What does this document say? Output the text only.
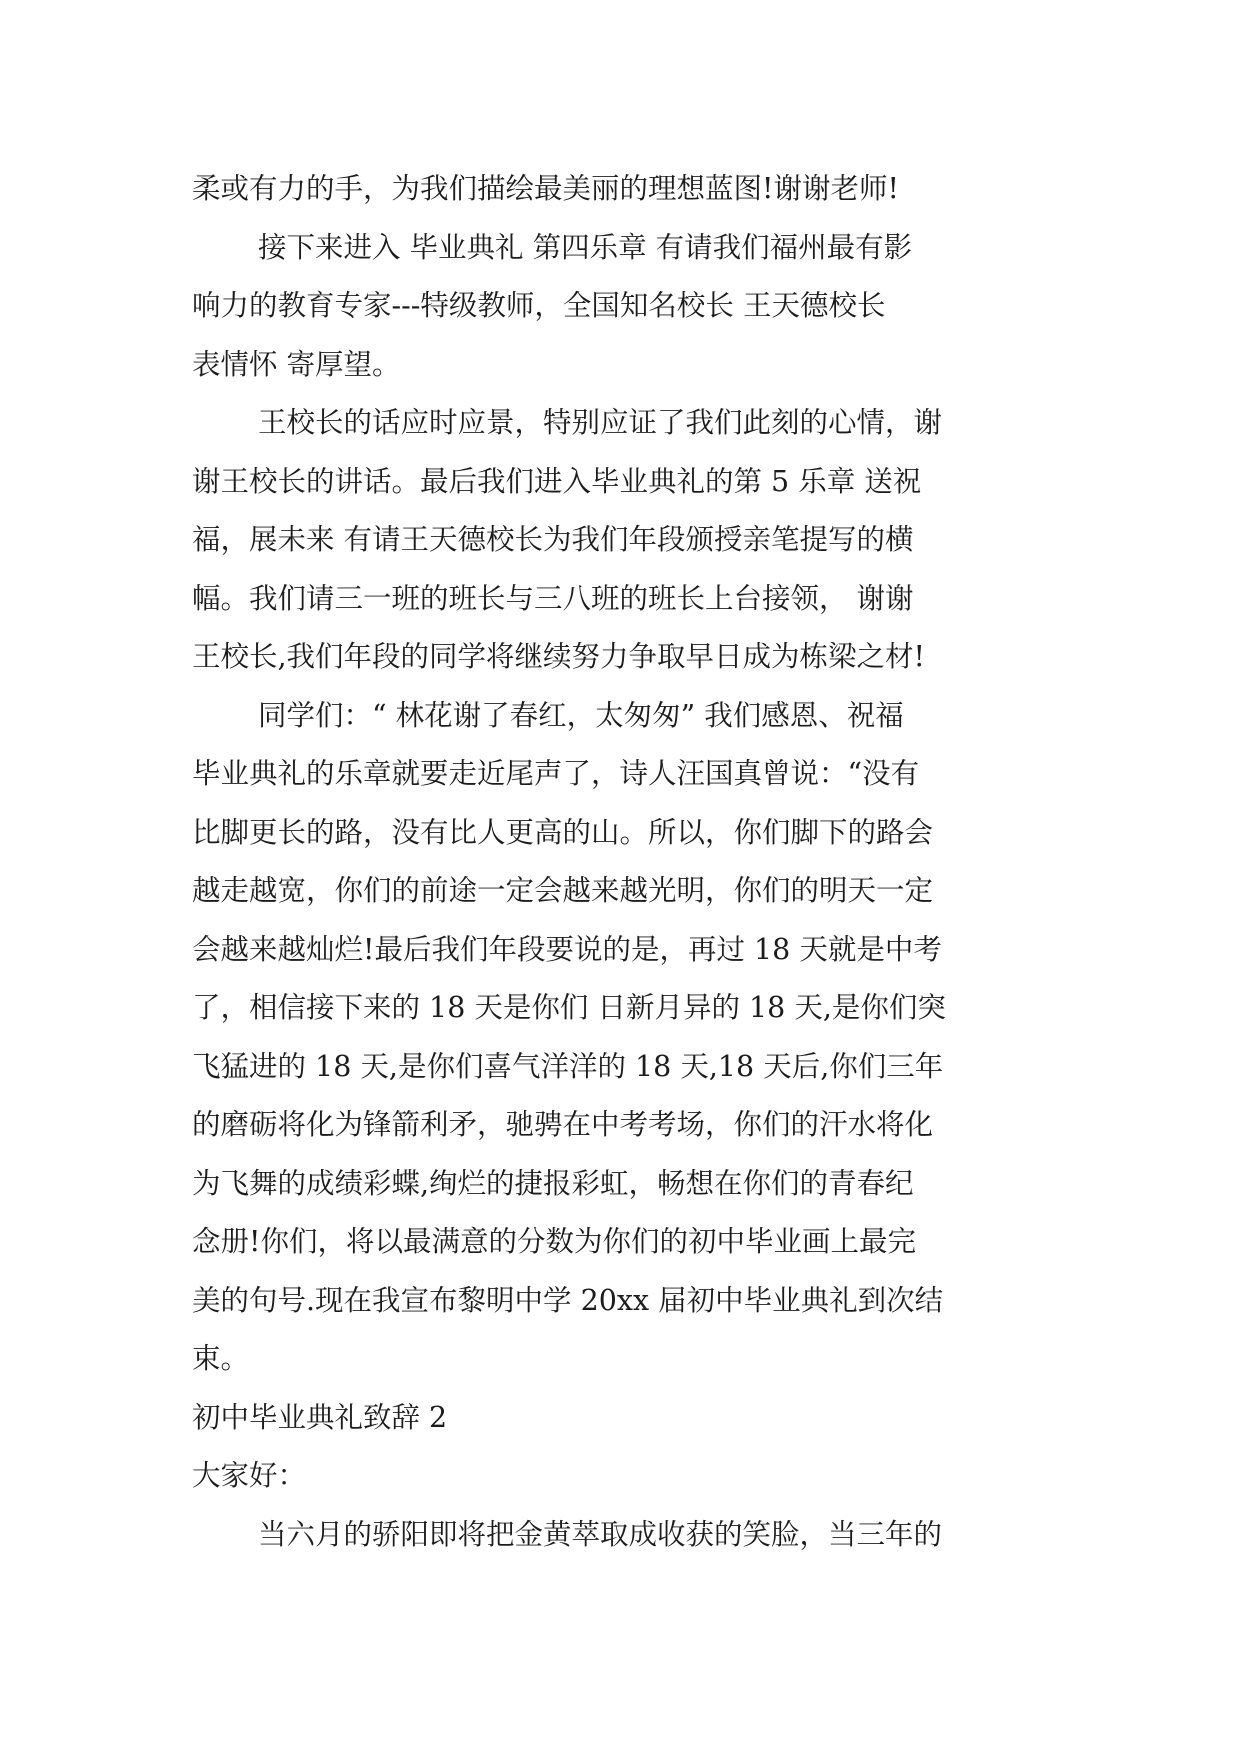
柔或有力的手，为我们描绘最美丽的理想蓝图!谢谢老师!
接下来进入 毕业典礼 第四乐章 有请我们福州最有影
响力的教育专家---特级教师，全国知名校长 王天德校长
表情怀 寄厚望。
王校长的话应时应景，特别应证了我们此刻的心情，谢
谢王校长的讲话。最后我们进入毕业典礼的第 5 乐章 送祝
福，展未来 有请王天德校长为我们年段颁授亲笔提写的横
幅。我们请三一班的班长与三八班的班长上台接领， 谢谢
王校长,我们年段的同学将继续努力争取早日成为栋梁之材!
同学们：“ 林花谢了春红，太匆匆” 我们感恩、祝福
毕业典礼的乐章就要走近尾声了，诗人汪国真曾说：“没有
比脚更长的路，没有比人更高的山。所以，你们脚下的路会
越走越宽，你们的前途一定会越来越光明，你们的明天一定
会越来越灿烂!最后我们年段要说的是，再过 18 天就是中考
了，相信接下来的 18 天是你们 日新月异的 18 天,是你们突
飞猛进的 18 天,是你们喜气洋洋的 18 天,18 天后,你们三年
的磨砺将化为锋箭利矛，驰骋在中考考场，你们的汗水将化
为飞舞的成绩彩蝶,绚烂的捷报彩虹，畅想在你们的青春纪
念册!你们，将以最满意的分数为你们的初中毕业画上最完
美的句号.现在我宣布黎明中学 20xx 届初中毕业典礼到次结
束。
初中毕业典礼致辞 2
大家好：
当六月的骄阳即将把金黄萃取成收获的笑脸，当三年的
